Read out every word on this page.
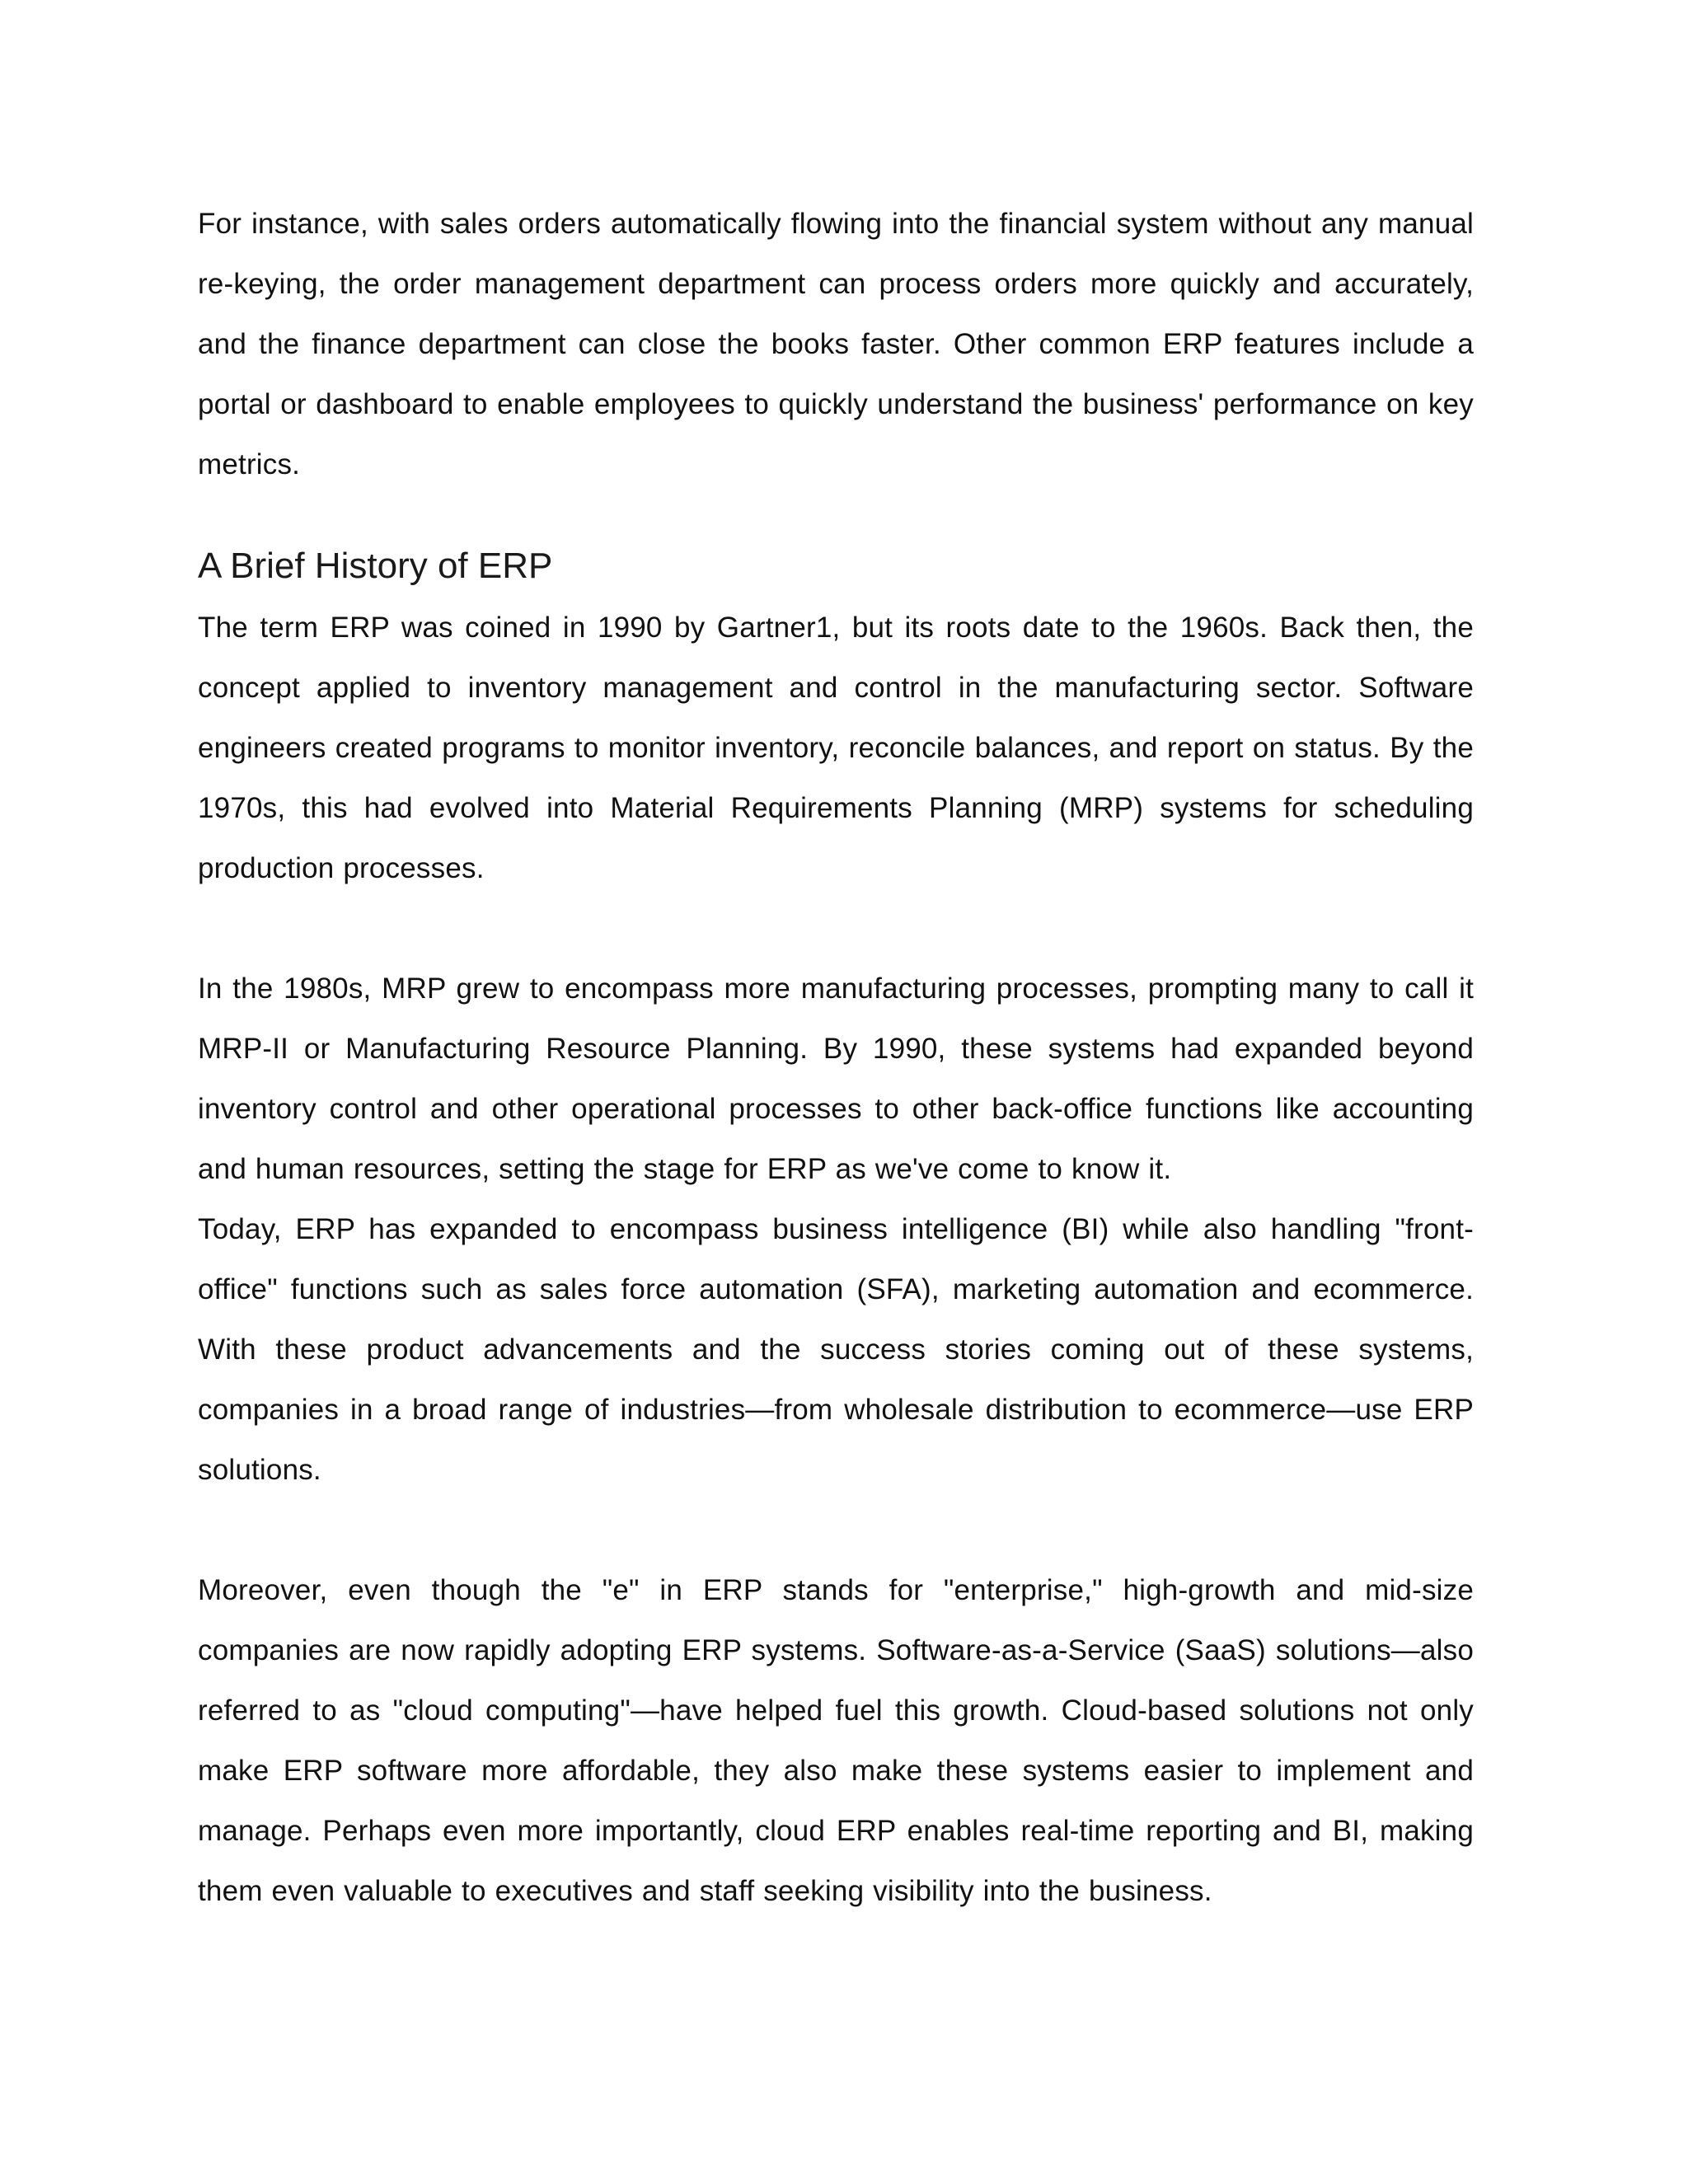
For instance, with sales orders automatically flowing into the financial system without any manual re-keying, the order management department can process orders more quickly and accurately, and the finance department can close the books faster. Other common ERP features include a portal or dashboard to enable employees to quickly understand the business' performance on key metrics.

A Brief History of ERP

The term ERP was coined in 1990 by Gartner1, but its roots date to the 1960s. Back then, the concept applied to inventory management and control in the manufacturing sector. Software engineers created programs to monitor inventory, reconcile balances, and report on status. By the 1970s, this had evolved into Material Requirements Planning (MRP) systems for scheduling production processes.

In the 1980s, MRP grew to encompass more manufacturing processes, prompting many to call it MRP-II or Manufacturing Resource Planning. By 1990, these systems had expanded beyond inventory control and other operational processes to other back-office functions like accounting and human resources, setting the stage for ERP as we've come to know it.

Today, ERP has expanded to encompass business intelligence (BI) while also handling "front-office" functions such as sales force automation (SFA), marketing automation and ecommerce. With these product advancements and the success stories coming out of these systems, companies in a broad range of industries—from wholesale distribution to ecommerce—use ERP solutions.

Moreover, even though the "e" in ERP stands for "enterprise," high-growth and mid-size companies are now rapidly adopting ERP systems. Software-as-a-Service (SaaS) solutions—also referred to as "cloud computing"—have helped fuel this growth. Cloud-based solutions not only make ERP software more affordable, they also make these systems easier to implement and manage. Perhaps even more importantly, cloud ERP enables real-time reporting and BI, making them even valuable to executives and staff seeking visibility into the business.
